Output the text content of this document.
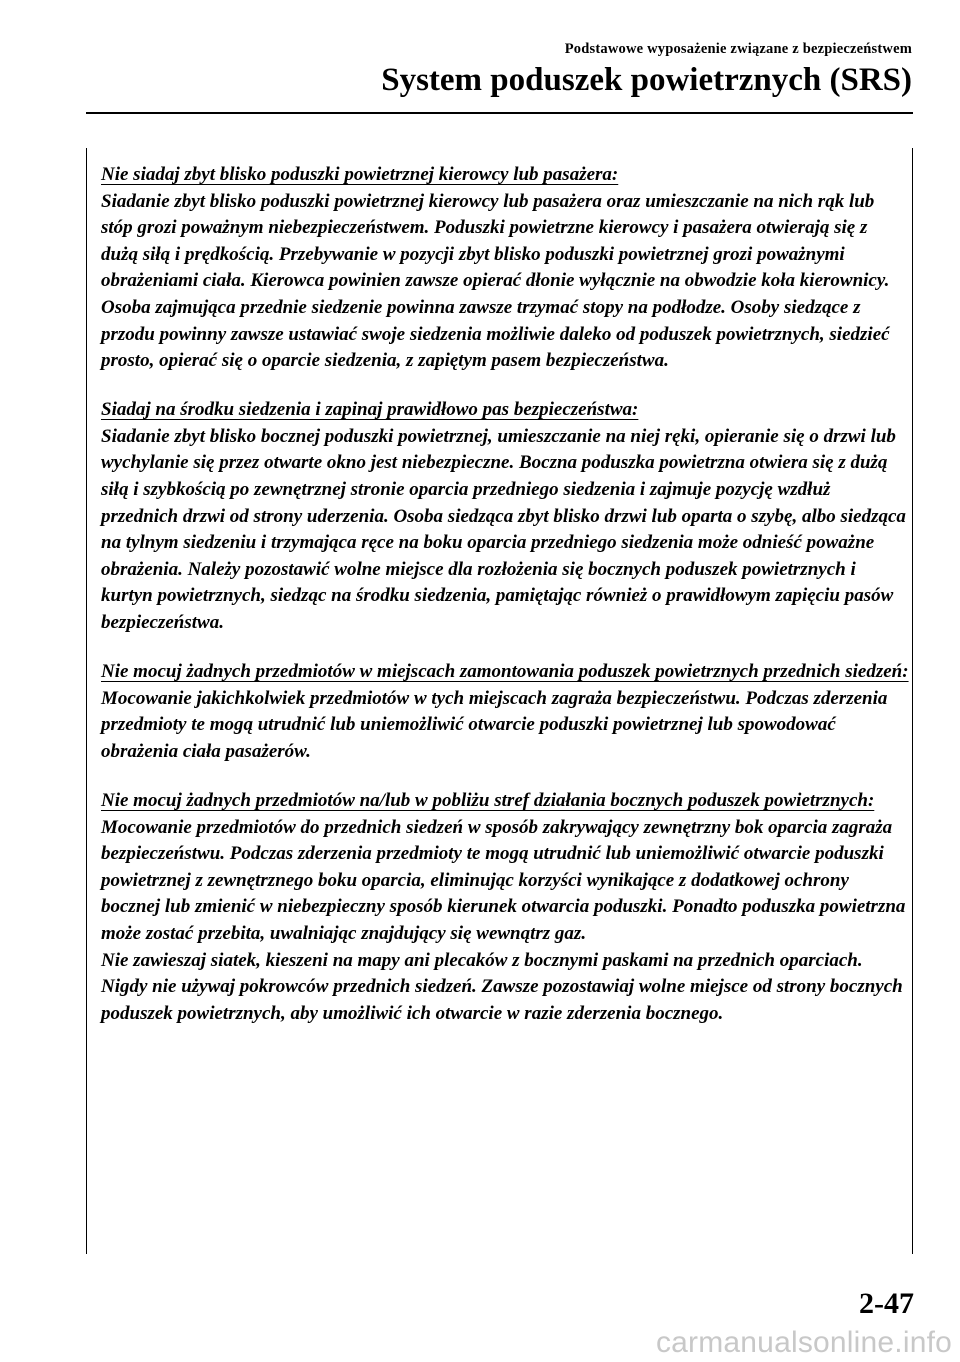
Podstawowe wyposażenie związane z bezpieczeństwem
System poduszek powietrznych (SRS)
Nie siadaj zbyt blisko poduszki powietrznej kierowcy lub pasażera:
Siadanie zbyt blisko poduszki powietrznej kierowcy lub pasażera oraz umieszczanie na nich rąk lub stóp grozi poważnym niebezpieczeństwem. Poduszki powietrzne kierowcy i pasażera otwierają się z dużą siłą i prędkością. Przebywanie w pozycji zbyt blisko poduszki powietrznej grozi poważnymi obrażeniami ciała. Kierowca powinien zawsze opierać dłonie wyłącznie na obwodzie koła kierownicy. Osoba zajmująca przednie siedzenie powinna zawsze trzymać stopy na podłodze. Osoby siedzące z przodu powinny zawsze ustawiać swoje siedzenia możliwie daleko od poduszek powietrznych, siedzieć prosto, opierać się o oparcie siedzenia, z zapiętym pasem bezpieczeństwa.
Siadaj na środku siedzenia i zapinaj prawidłowo pas bezpieczeństwa:
Siadanie zbyt blisko bocznej poduszki powietrznej, umieszczanie na niej ręki, opieranie się o drzwi lub wychylanie się przez otwarte okno jest niebezpieczne. Boczna poduszka powietrzna otwiera się z dużą siłą i szybkością po zewnętrznej stronie oparcia przedniego siedzenia i zajmuje pozycję wzdłuż przednich drzwi od strony uderzenia. Osoba siedząca zbyt blisko drzwi lub oparta o szybę, albo siedząca na tylnym siedzeniu i trzymająca ręce na boku oparcia przedniego siedzenia może odnieść poważne obrażenia. Należy pozostawić wolne miejsce dla rozłożenia się bocznych poduszek powietrznych i kurtyn powietrznych, siedząc na środku siedzenia, pamiętając również o prawidłowym zapięciu pasów bezpieczeństwa.
Nie mocuj żadnych przedmiotów w miejscach zamontowania poduszek powietrznych przednich siedzeń:
Mocowanie jakichkolwiek przedmiotów w tych miejscach zagraża bezpieczeństwu. Podczas zderzenia przedmioty te mogą utrudnić lub uniemożliwić otwarcie poduszki powietrznej lub spowodować obrażenia ciała pasażerów.
Nie mocuj żadnych przedmiotów na/lub w pobliżu stref działania bocznych poduszek powietrznych:
Mocowanie przedmiotów do przednich siedzeń w sposób zakrywający zewnętrzny bok oparcia zagraża bezpieczeństwu. Podczas zderzenia przedmioty te mogą utrudnić lub uniemożliwić otwarcie poduszki powietrznej z zewnętrznego boku oparcia, eliminując korzyści wynikające z dodatkowej ochrony bocznej lub zmienić w niebezpieczny sposób kierunek otwarcia poduszki. Ponadto poduszka powietrzna może zostać przebita, uwalniając znajdujący się wewnątrz gaz.
Nie zawieszaj siatek, kieszeni na mapy ani plecaków z bocznymi paskami na przednich oparciach. Nigdy nie używaj pokrowców przednich siedzeń. Zawsze pozostawiaj wolne miejsce od strony bocznych poduszek powietrznych, aby umożliwić ich otwarcie w razie zderzenia bocznego.
2-47
carmanualsonline.info
